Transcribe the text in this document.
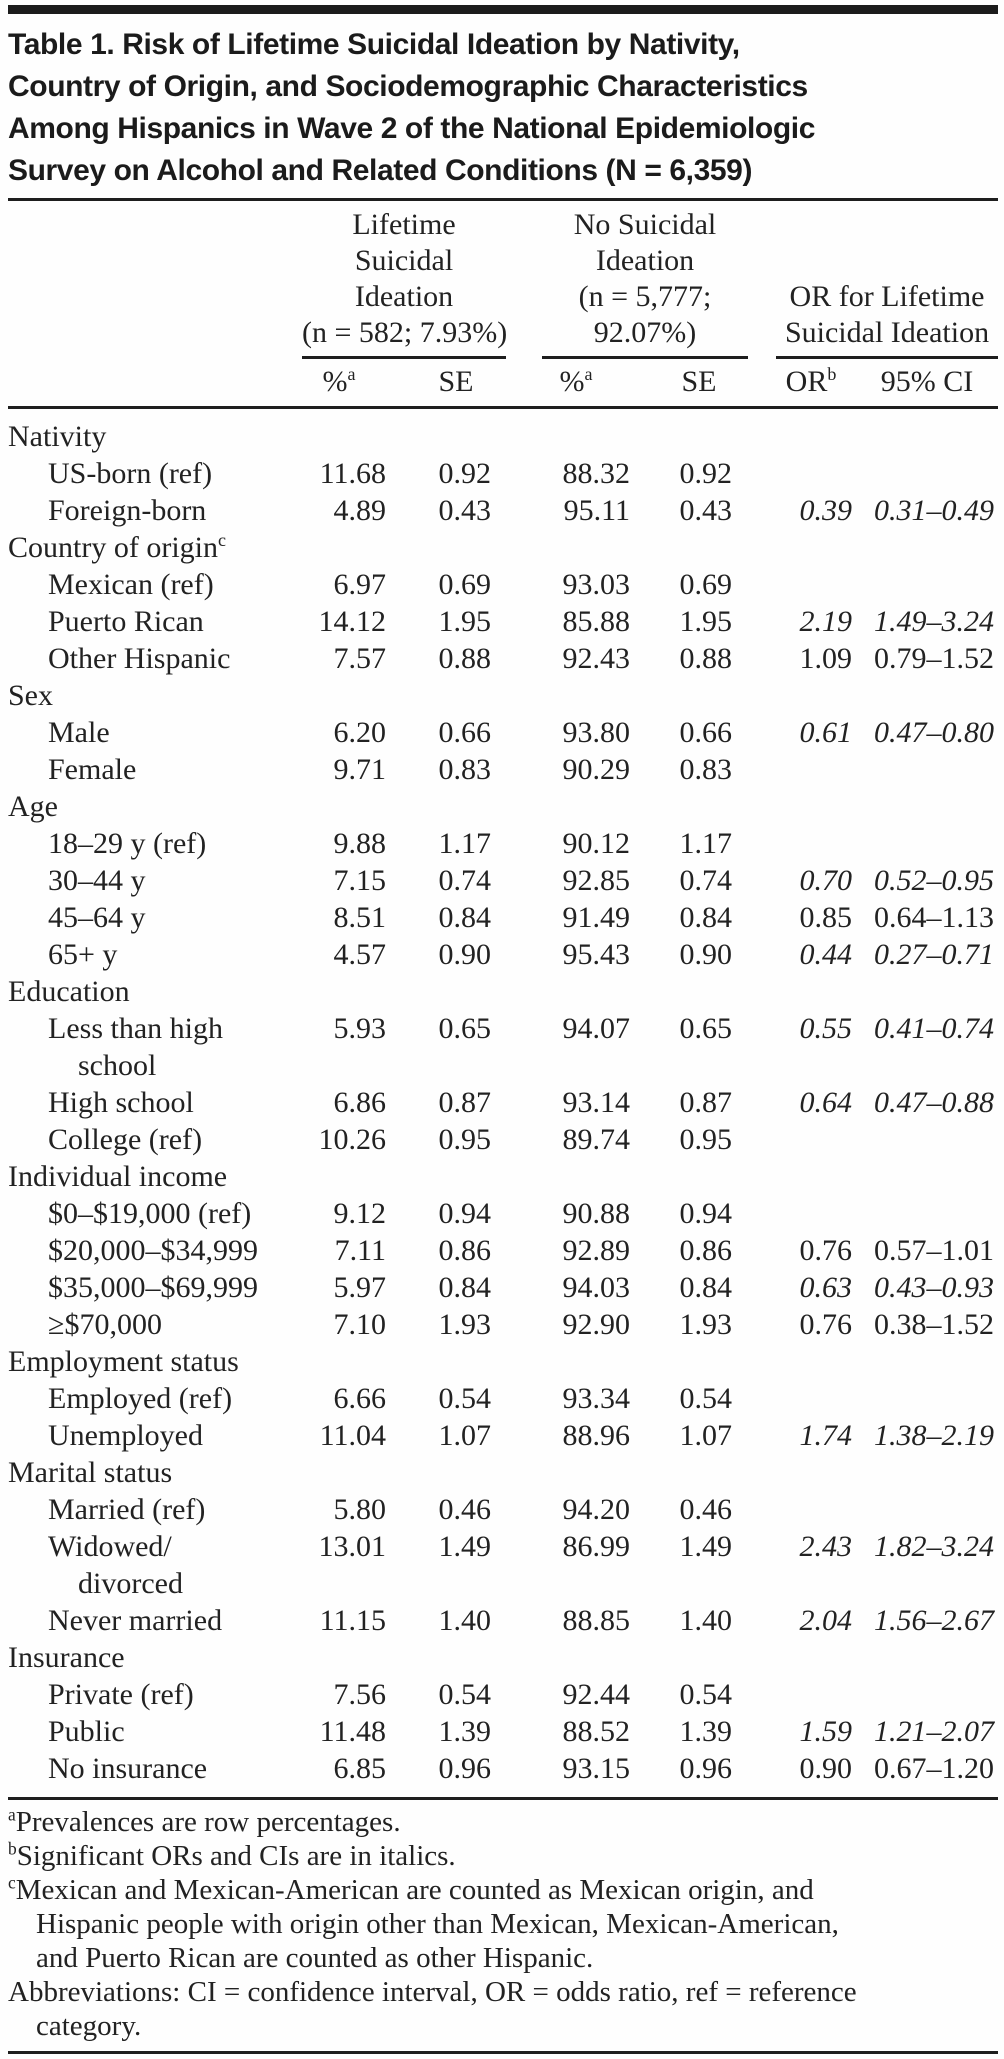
Table 1. Risk of Lifetime Suicidal Ideation by Nativity,
Country of Origin, and Sociodemographic Characteristics
Among Hispanics in Wave 2 of the National Epidemiologic
Survey on Alcohol and Related Conditions (N = 6,359)

Lifetime
Suicidal
Ideation
(n = 582; 7.93%)

No Suicidal
Ideation
(n = 5,777;
92.07%)

OR for Lifetime
Suicidal Ideation

	%$^a$	SE	%$^a$	SE	$OR^b$	95% CI
Nativity						
US-born (ref)	11.68	0.92	88.32	0.92		
Foreign-born	4.89	0.43	95.11	0.43	0.39	0.31–0.49
Country of origin$^c$
Mexican (ref)	6.97	0.69	93.03	0.69		
Puerto Rican	14.12	1.95	85.88	1.95	2.19	1.49–3.24
Other Hispanic	7.57	0.88	92.43	0.88	1.09	0.79–1.52
Sex						
Male	6.20	0.66	93.80	0.66	0.61	0.47–0.80
Female	9.71	0.83	90.29	0.83		
Age						
18–29 y (ref)	9.88	1.17	90.12	1.17		
30–44 y	7.15	0.74	92.85	0.74	0.70	0.52–0.95
45–64 y	8.51	0.84	91.49	0.84	0.85	0.64–1.13
65+ y	4.57	0.90	95.43	0.90	0.44	0.27–0.71
Education						
Less than high
school	5.93	0.65	94.07	0.65	0.55	0.41–0.74
High school	6.86	0.87	93.14	0.87	0.64	0.47–0.88
College (ref)	10.26	0.95	89.74	0.95		
Individual income						
$0–$19,000 (ref)	9.12	0.94	90.88	0.94		
$20,000–$34,999	7.11	0.86	92.89	0.86	0.76	0.57–1.01
$35,000–$69,999	5.97	0.84	94.03	0.84	0.63	0.43–0.93
≥$70,000	7.10	1.93	92.90	1.93	0.76	0.38–1.52
Employment status						
Employed (ref)	6.66	0.54	93.34	0.54		
Unemployed	11.04	1.07	88.96	1.07	1.74	1.38–2.19
Marital status						
Married (ref)	5.80	0.46	94.20	0.46		
Widowed/
divorced	13.01	1.49	86.99	1.49	2.43	1.82–3.24
Never married	11.15	1.40	88.85	1.40	2.04	1.56–2.67
Insurance						
Private (ref)	7.56	0.54	92.44	0.54		
Public	11.48	1.39	88.52	1.39	1.59	1.21–2.07
No insurance	6.85	0.96	93.15	0.96	0.90	0.67–1.20
$^a$Prevalences are row percentages.
$^b$Significant ORs and CIs are in italics.
$^c$Mexican and Mexican-American are counted as Mexican origin, and
Hispanic people with origin other than Mexican, Mexican-American,
and Puerto Rican are counted as other Hispanic.
Abbreviations: CI = confidence interval, OR = odds ratio, ref = reference
category.
